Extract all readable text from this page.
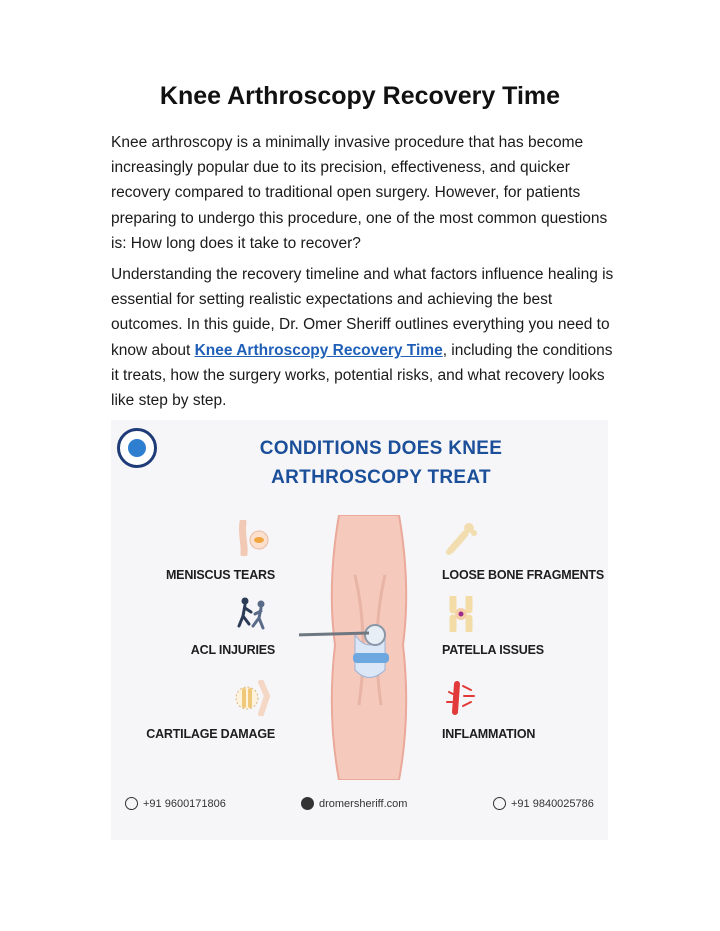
Knee Arthroscopy Recovery Time

Knee arthroscopy is a minimally invasive procedure that has become increasingly popular due to its precision, effectiveness, and quicker recovery compared to traditional open surgery. However, for patients preparing to undergo this procedure, one of the most common questions is: How long does it take to recover?

Understanding the recovery timeline and what factors influence healing is essential for setting realistic expectations and achieving the best outcomes. In this guide, Dr. Omer Sheriff outlines everything you need to know about Knee Arthroscopy Recovery Time, including the conditions it treats, how the surgery works, potential risks, and what recovery looks like step by step.

CONDITIONS DOES KNEE
ARTHROSCOPY TREAT
MENISCUS TEARS
ACL INJURIES
CARTILAGE DAMAGE
LOOSE BONE FRAGMENTS
PATELLA ISSUES
INFLAMMATION
+91 9600171806	dromersheriff.com	+91 9840025786
